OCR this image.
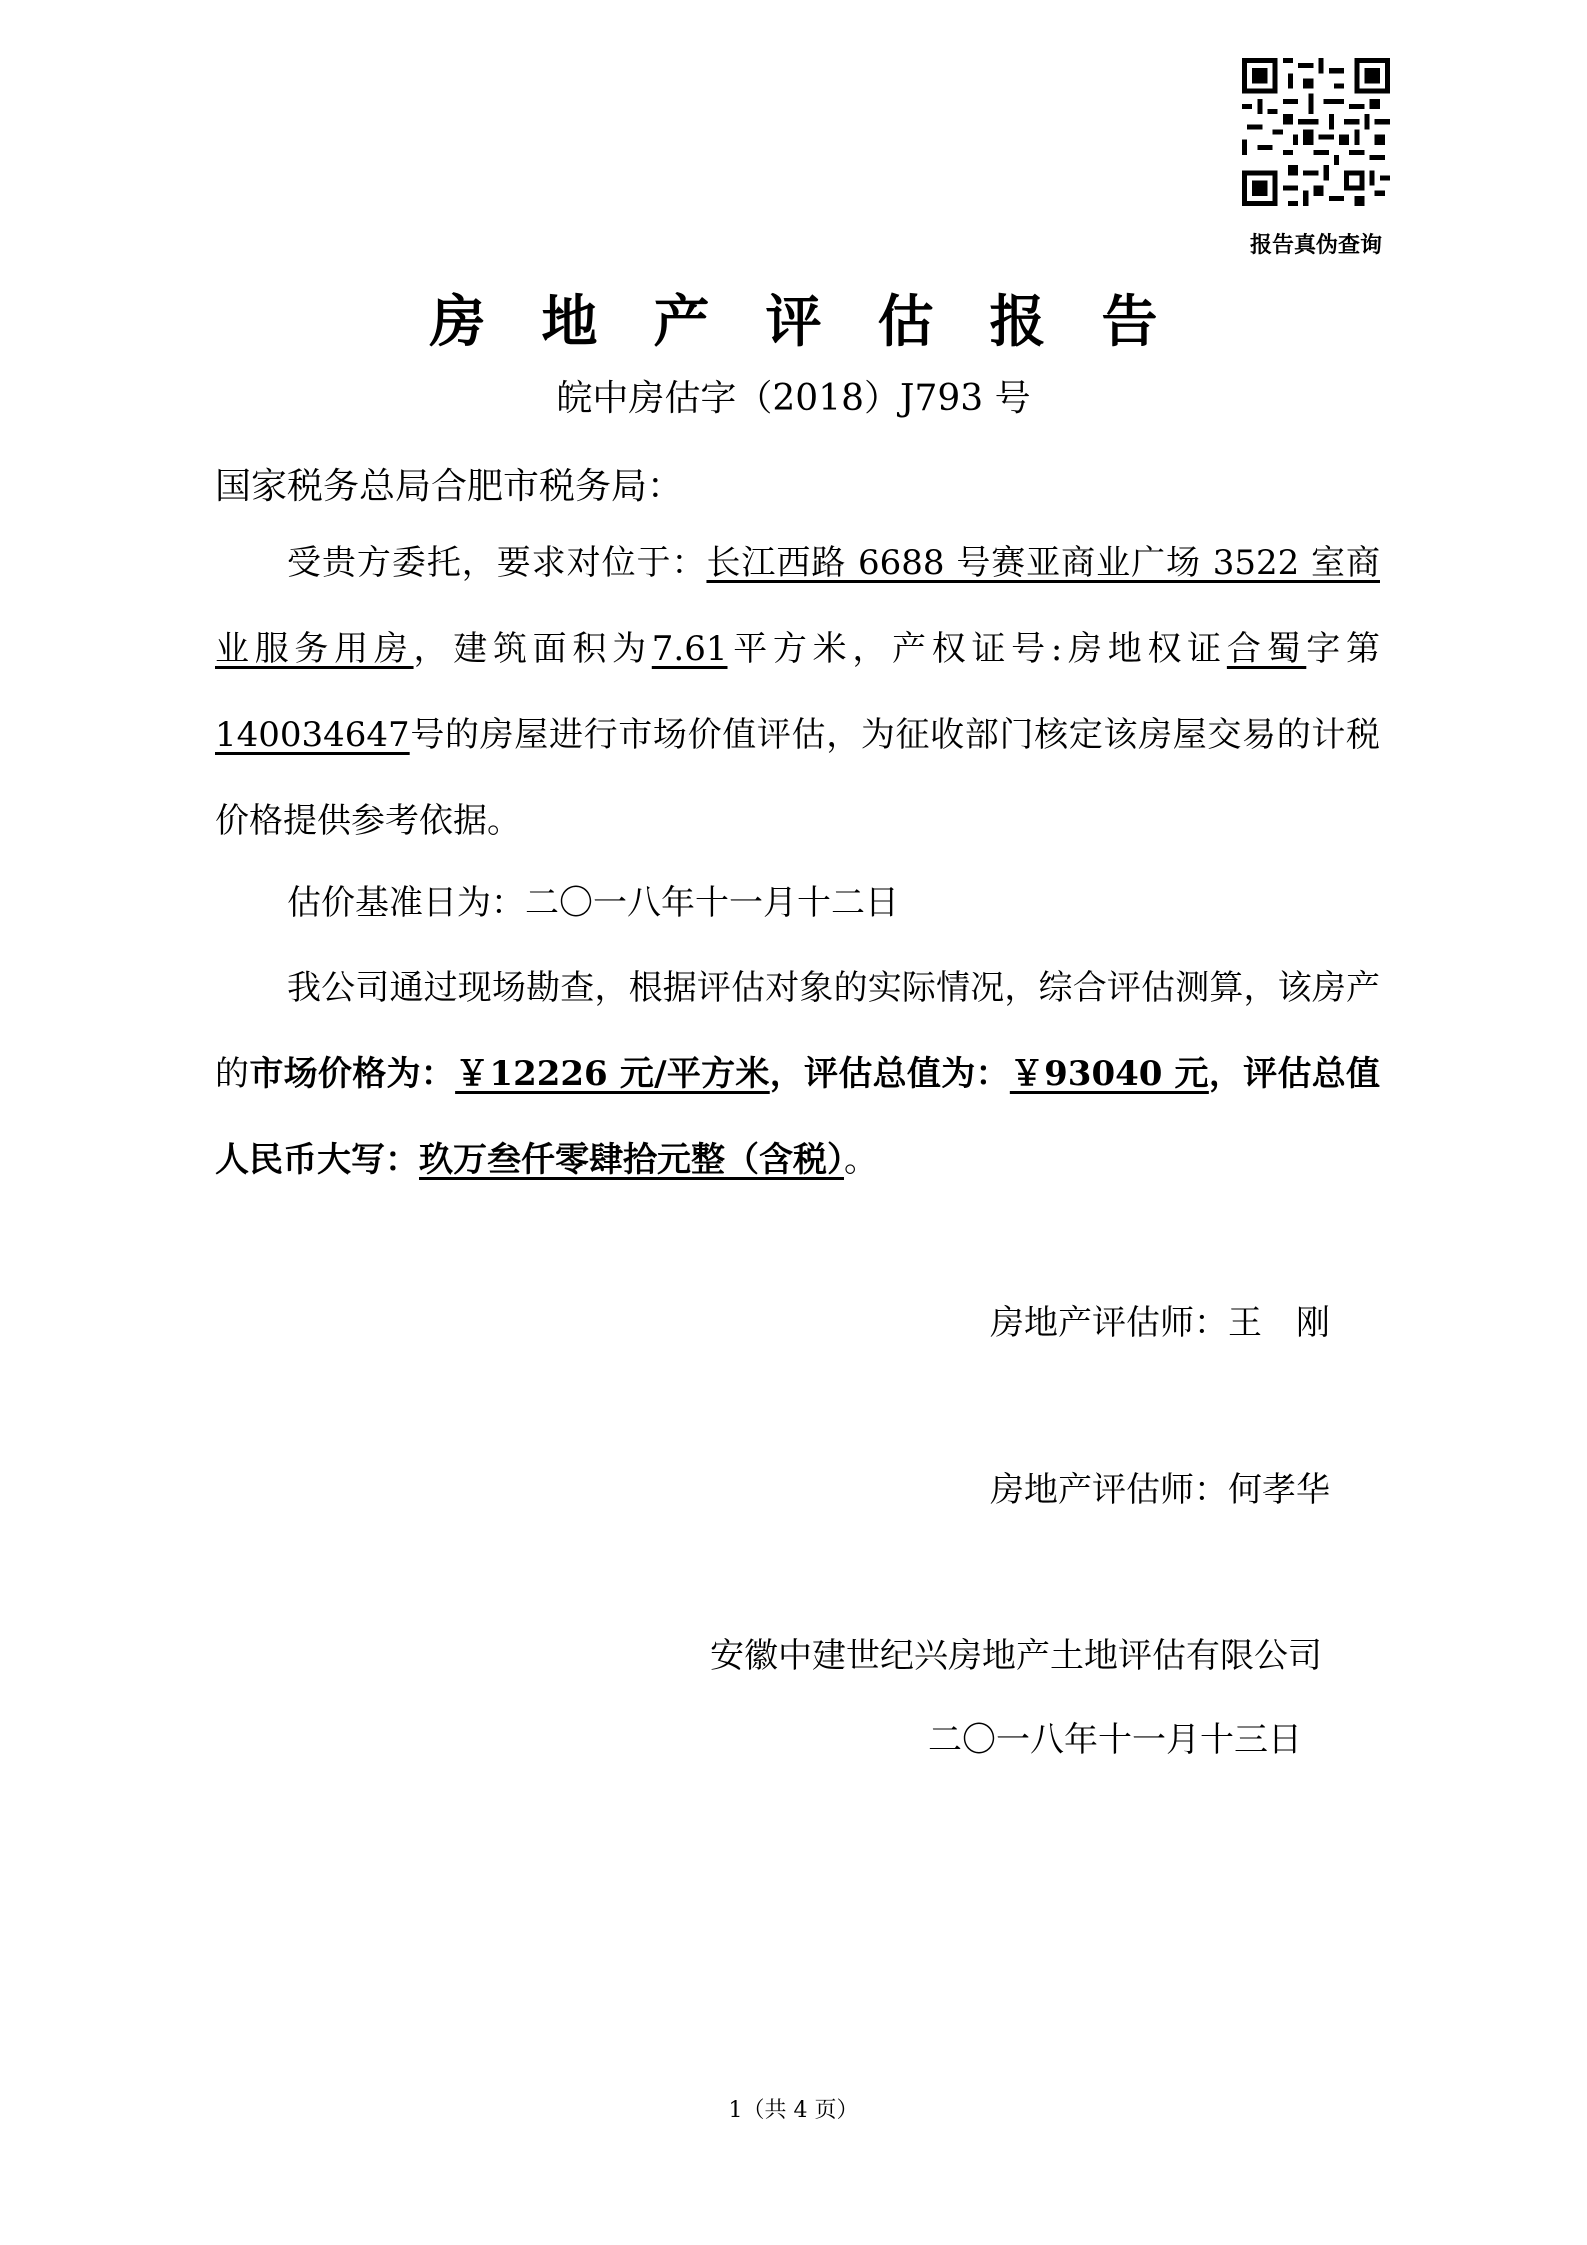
报告真伪查询
房地产评估报告
皖中房估字（2018）J793 号
国家税务总局合肥市税务局：
受贵方委托，要求对位于：长江西路 6688 号赛亚商业广场 3522 室商业服务用房，建筑面积为7.61平方米，产权证号:房地权证合蜀字第140034647号的房屋进行市场价值评估，为征收部门核定该房屋交易的计税价格提供参考依据。
估价基准日为：二〇一八年十一月十二日
我公司通过现场勘查，根据评估对象的实际情况，综合评估测算，该房产的市场价格为：￥12226 元/平方米，评估总值为：￥93040 元，评估总值人民币大写：玖万叁仟零肆拾元整（含税）。
房地产评估师：王　刚
房地产评估师：何孝华
安徽中建世纪兴房地产土地评估有限公司
二〇一八年十一月十三日
1（共 4 页）
